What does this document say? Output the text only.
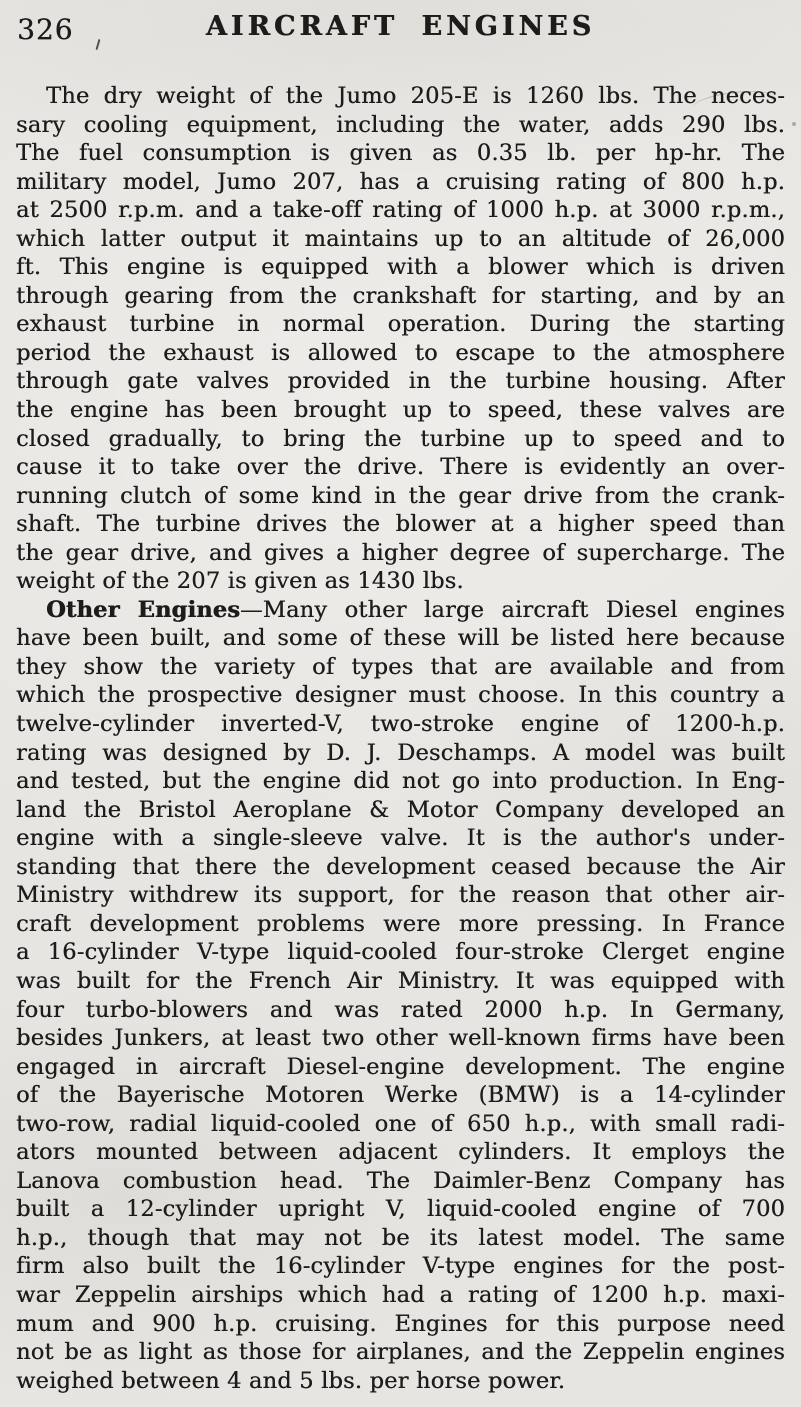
326	AIRCRAFT ENGINES
The dry weight of the Jumo 205-E is 1260 lbs. The neces-
sary cooling equipment, including the water, adds 290 lbs.
The fuel consumption is given as 0.35 lb. per hp-hr. The
military model, Jumo 207, has a cruising rating of 800 h.p.
at 2500 r.p.m. and a take-off rating of 1000 h.p. at 3000 r.p.m.,
which latter output it maintains up to an altitude of 26,000
ft. This engine is equipped with a blower which is driven
through gearing from the crankshaft for starting, and by an
exhaust turbine in normal operation. During the starting
period the exhaust is allowed to escape to the atmosphere
through gate valves provided in the turbine housing. After
the engine has been brought up to speed, these valves are
closed gradually, to bring the turbine up to speed and to
cause it to take over the drive. There is evidently an over-
running clutch of some kind in the gear drive from the crank-
shaft. The turbine drives the blower at a higher speed than
the gear drive, and gives a higher degree of supercharge. The
weight of the 207 is given as 1430 lbs.
Other Engines—Many other large aircraft Diesel engines
have been built, and some of these will be listed here because
they show the variety of types that are available and from
which the prospective designer must choose. In this country a
twelve-cylinder inverted-V, two-stroke engine of 1200-h.p.
rating was designed by D. J. Deschamps. A model was built
and tested, but the engine did not go into production. In Eng-
land the Bristol Aeroplane & Motor Company developed an
engine with a single-sleeve valve. It is the author's under-
standing that there the development ceased because the Air
Ministry withdrew its support, for the reason that other air-
craft development problems were more pressing. In France
a 16-cylinder V-type liquid-cooled four-stroke Clerget engine
was built for the French Air Ministry. It was equipped with
four turbo-blowers and was rated 2000 h.p. In Germany,
besides Junkers, at least two other well-known firms have been
engaged in aircraft Diesel-engine development. The engine
of the Bayerische Motoren Werke (BMW) is a 14-cylinder
two-row, radial liquid-cooled one of 650 h.p., with small radi-
ators mounted between adjacent cylinders. It employs the
Lanova combustion head. The Daimler-Benz Company has
built a 12-cylinder upright V, liquid-cooled engine of 700
h.p., though that may not be its latest model. The same
firm also built the 16-cylinder V-type engines for the post-
war Zeppelin airships which had a rating of 1200 h.p. maxi-
mum and 900 h.p. cruising. Engines for this purpose need
not be as light as those for airplanes, and the Zeppelin engines
weighed between 4 and 5 lbs. per horse power.
